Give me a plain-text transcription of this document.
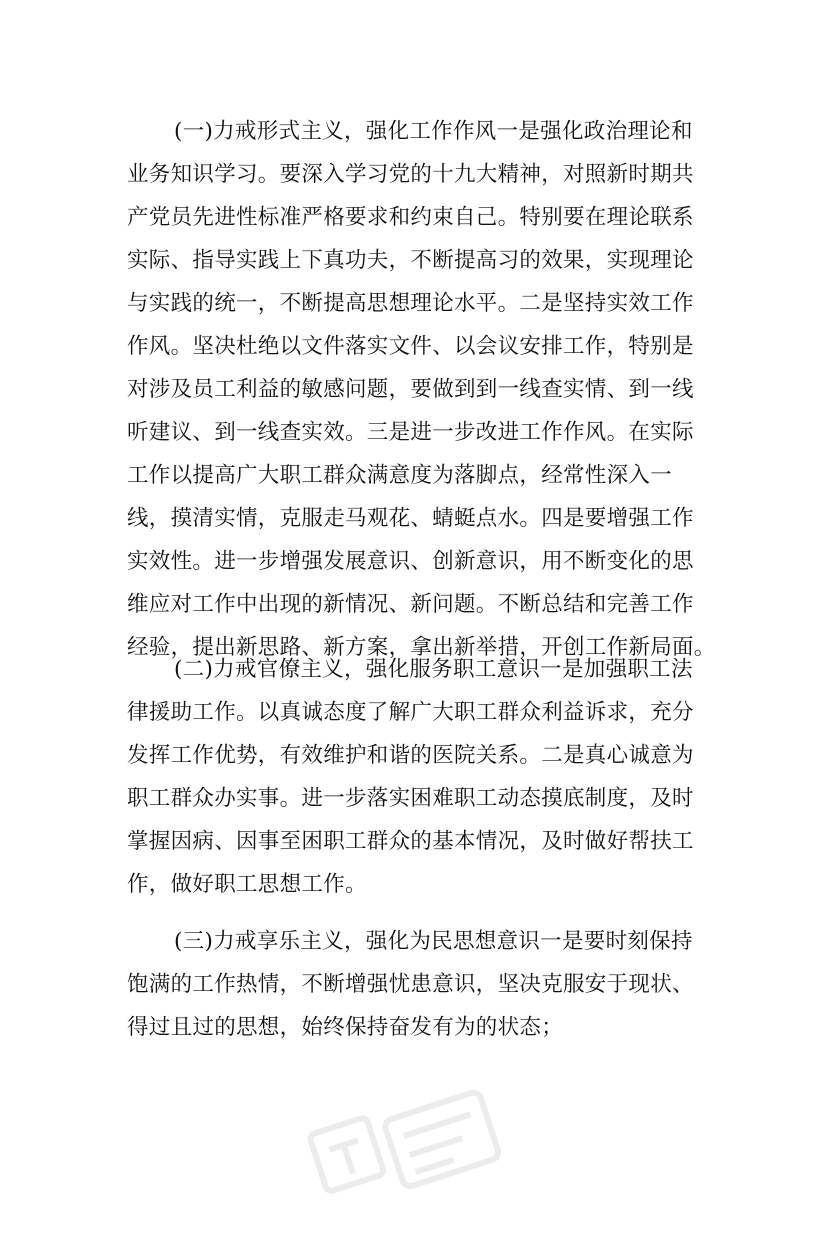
(一)力戒形式主义，强化工作作风一是强化政治理论和
业务知识学习。要深入学习党的十九大精神，对照新时期共
产党员先进性标准严格要求和约束自己。特别要在理论联系
实际、指导实践上下真功夫，不断提高习的效果，实现理论
与实践的统一，不断提高思想理论水平。二是坚持实效工作
作风。坚决杜绝以文件落实文件、以会议安排工作，特别是
对涉及员工利益的敏感问题，要做到到一线查实情、到一线
听建议、到一线查实效。三是进一步改进工作作风。在实际
工作以提高广大职工群众满意度为落脚点，经常性深入一
线，摸清实情，克服走马观花、蜻蜓点水。四是要增强工作
实效性。进一步增强发展意识、创新意识，用不断变化的思
维应对工作中出现的新情况、新问题。不断总结和完善工作
经验，提出新思路、新方案，拿出新举措，开创工作新局面。
(二)力戒官僚主义，强化服务职工意识一是加强职工法
律援助工作。以真诚态度了解广大职工群众利益诉求，充分
发挥工作优势，有效维护和谐的医院关系。二是真心诚意为
职工群众办实事。进一步落实困难职工动态摸底制度，及时
掌握因病、因事至困职工群众的基本情况，及时做好帮扶工
作，做好职工思想工作。
(三)力戒享乐主义，强化为民思想意识一是要时刻保持
饱满的工作热情，不断增强忧患意识，坚决克服安于现状、
得过且过的思想，始终保持奋发有为的状态；
